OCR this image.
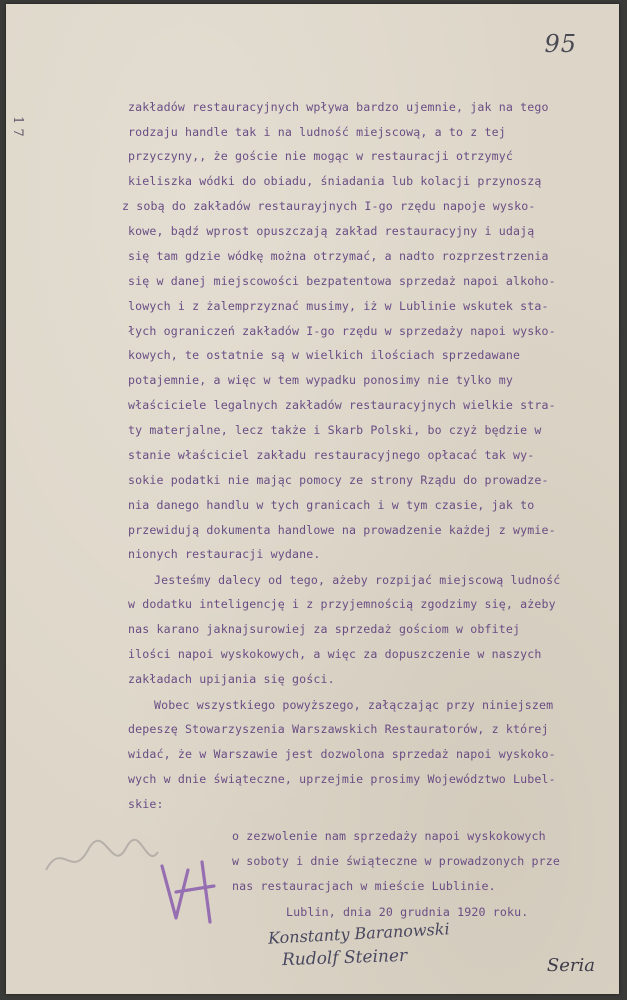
95
1 7
zakładów restauracyjnych wpływa bardzo ujemnie, jak na tego
rodzaju handle tak i na ludność miejscową, a to z tej
przyczyny,, że goście nie mogąc w restauracji otrzymyć
kieliszka wódki do obiadu, śniadania lub kolacji przynoszą
z sobą do zakładów restaurayjnych I-go rzędu napoje wysko-
kowe, bądź wprost opuszczają zakład restauracyjny i udają
się tam gdzie wódkę można otrzymać, a nadto rozprzestrzenia
się w danej miejscowości bezpatentowa sprzedaż napoi alkoho-
lowych i z żalemprzyznać musimy, iż w Lublinie wskutek sta-
łych ograniczeń zakładów I-go rzędu w sprzedaży napoi wysko-
kowych, te ostatnie są w wielkich ilościach sprzedawane
potajemnie, a więc w tem wypadku ponosimy nie tylko my
właściciele legalnych zakładów restauracyjnych wielkie stra-
ty materjalne, lecz także i Skarb Polski, bo czyż będzie w
stanie właściciel zakładu restauracyjnego opłacać tak wy-
sokie podatki nie mając pomocy ze strony Rządu do prowadze-
nia danego handlu w tych granicach i w tym czasie, jak to
przewidują dokumenta handlowe na prowadzenie każdej z wymie-
nionych restauracji wydane.
Jesteśmy dalecy od tego, ażeby rozpijać miejscową ludność
w dodatku inteligencję i z przyjemnością zgodzimy się, ażeby
nas karano jaknajsurowiej za sprzedaż gościom w obfitej
ilości napoi wyskokowych, a więc za dopuszczenie w naszych
zakładach upijania się gości.
Wobec wszystkiego powyższego, załączając przy niniejszem
depeszę Stowarzyszenia Warszawskich Restauratorów, z której
widać, że w Warszawie jest dozwolona sprzedaż napoi wyskoko-
wych w dnie świąteczne, uprzejmie prosimy Województwo Lubel-
skie:
o zezwolenie nam sprzedaży napoi wyskokowych
w soboty i dnie świąteczne w prowadzonych prze
nas restauracjach w mieście Lublinie.
Lublin, dnia 20 grudnia 1920 roku.
Konstanty Baranowski
Rudolf Steiner	Seria
